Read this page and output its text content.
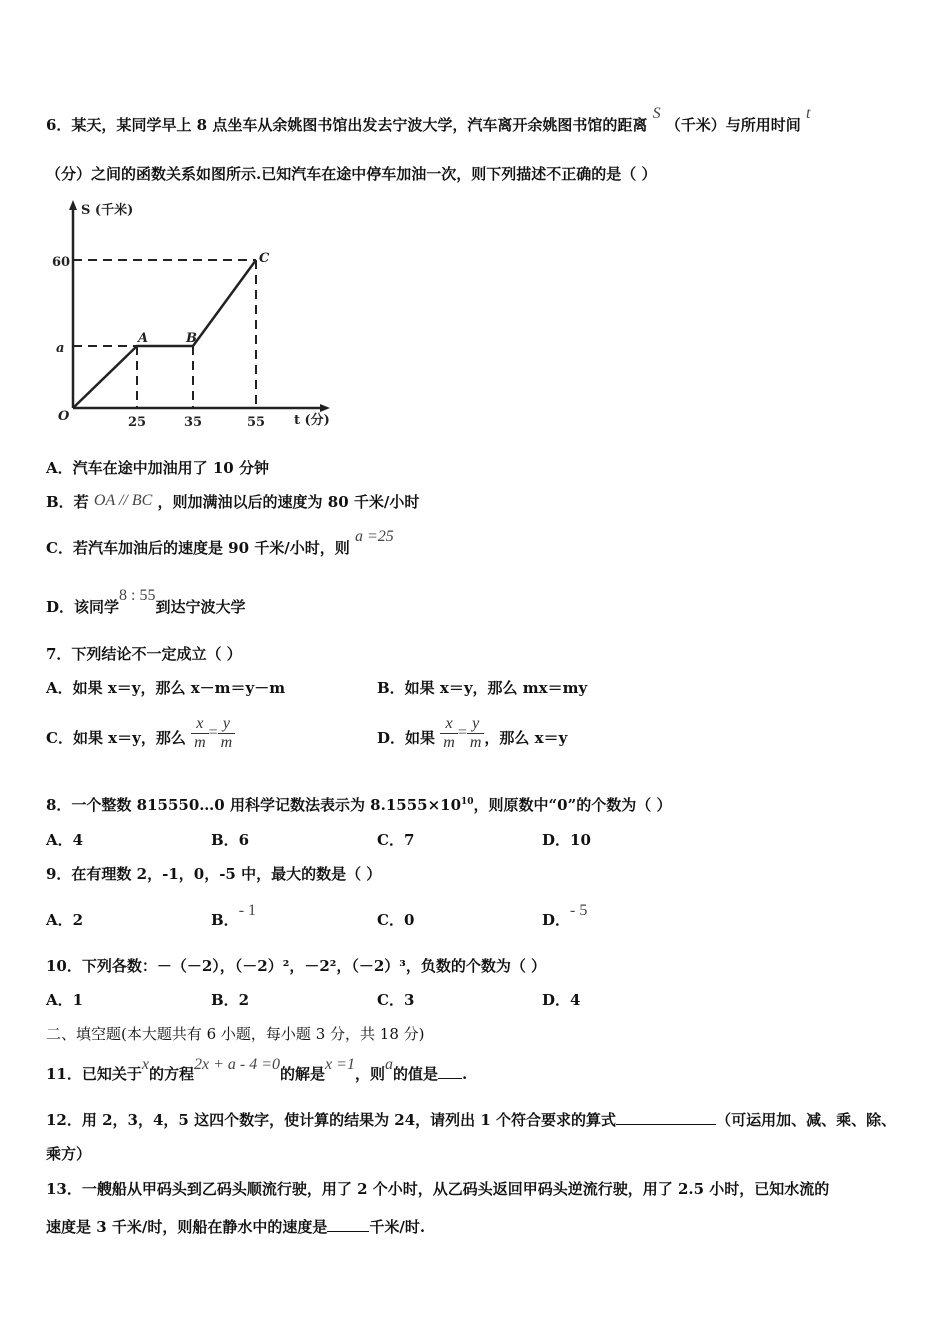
6．某天，某同学早上 8 点坐车从余姚图书馆出发去宁波大学，汽车离开余姚图书馆的距离 S （千米）与所用时间 t
（分）之间的函数关系如图所示.已知汽车在途中停车加油一次，则下列描述不正确的是（ ）
S (千米)
60
a
O	25	35	55 t (分)
A	B
C
A．汽车在途中加油用了 10 分钟
B．若 OA // BC ，则加满油以后的速度为 80 千米/小时
C．若汽车加油后的速度是 90 千米/小时，则 a =25
D．该同学8 : 55到达宁波大学
7．下列结论不一定成立（ ）
A．如果 x＝y，那么 x－m＝y－m	B．如果 x＝y，那么 mx＝my
C．如果 x＝y，那么 $\frac{x}{m} = \frac{y}{m}$	D．如果 $\frac{x}{m} = \frac{y}{m}$ ，那么 x＝y
8．一个整数 815550…0 用科学记数法表示为 $8.1555\times 10^{10}$，则原数中“0”的个数为（ ）
A．4	B．6	C．7	D．10
9．在有理数 2，-1，0，-5 中，最大的数是（ ）
A．2	B．- 1
C．0	D．- 5
10．下列各数：－（－2），（－2）²，－2²，（－2）³，负数的个数为（ ）
A．1	B．2	C．3	D．4
二、填空题(本大题共有 6 小题，每小题 3 分，共 18 分)
11．已知关于x的方程2x + a - 4 =0的解是x =1，则a的值是 .
12．用 2，3，4，5 这四个数字，使计算的结果为 24，请列出 1 个符合要求的算式	（可运用加、减、乘、除、
乘方）
13．一艘船从甲码头到乙码头顺流行驶，用了 2 个小时，从乙码头返回甲码头逆流行驶，用了 2.5 小时，已知水流的
速度是 3 千米/时，则船在静水中的速度是	千米/时.
